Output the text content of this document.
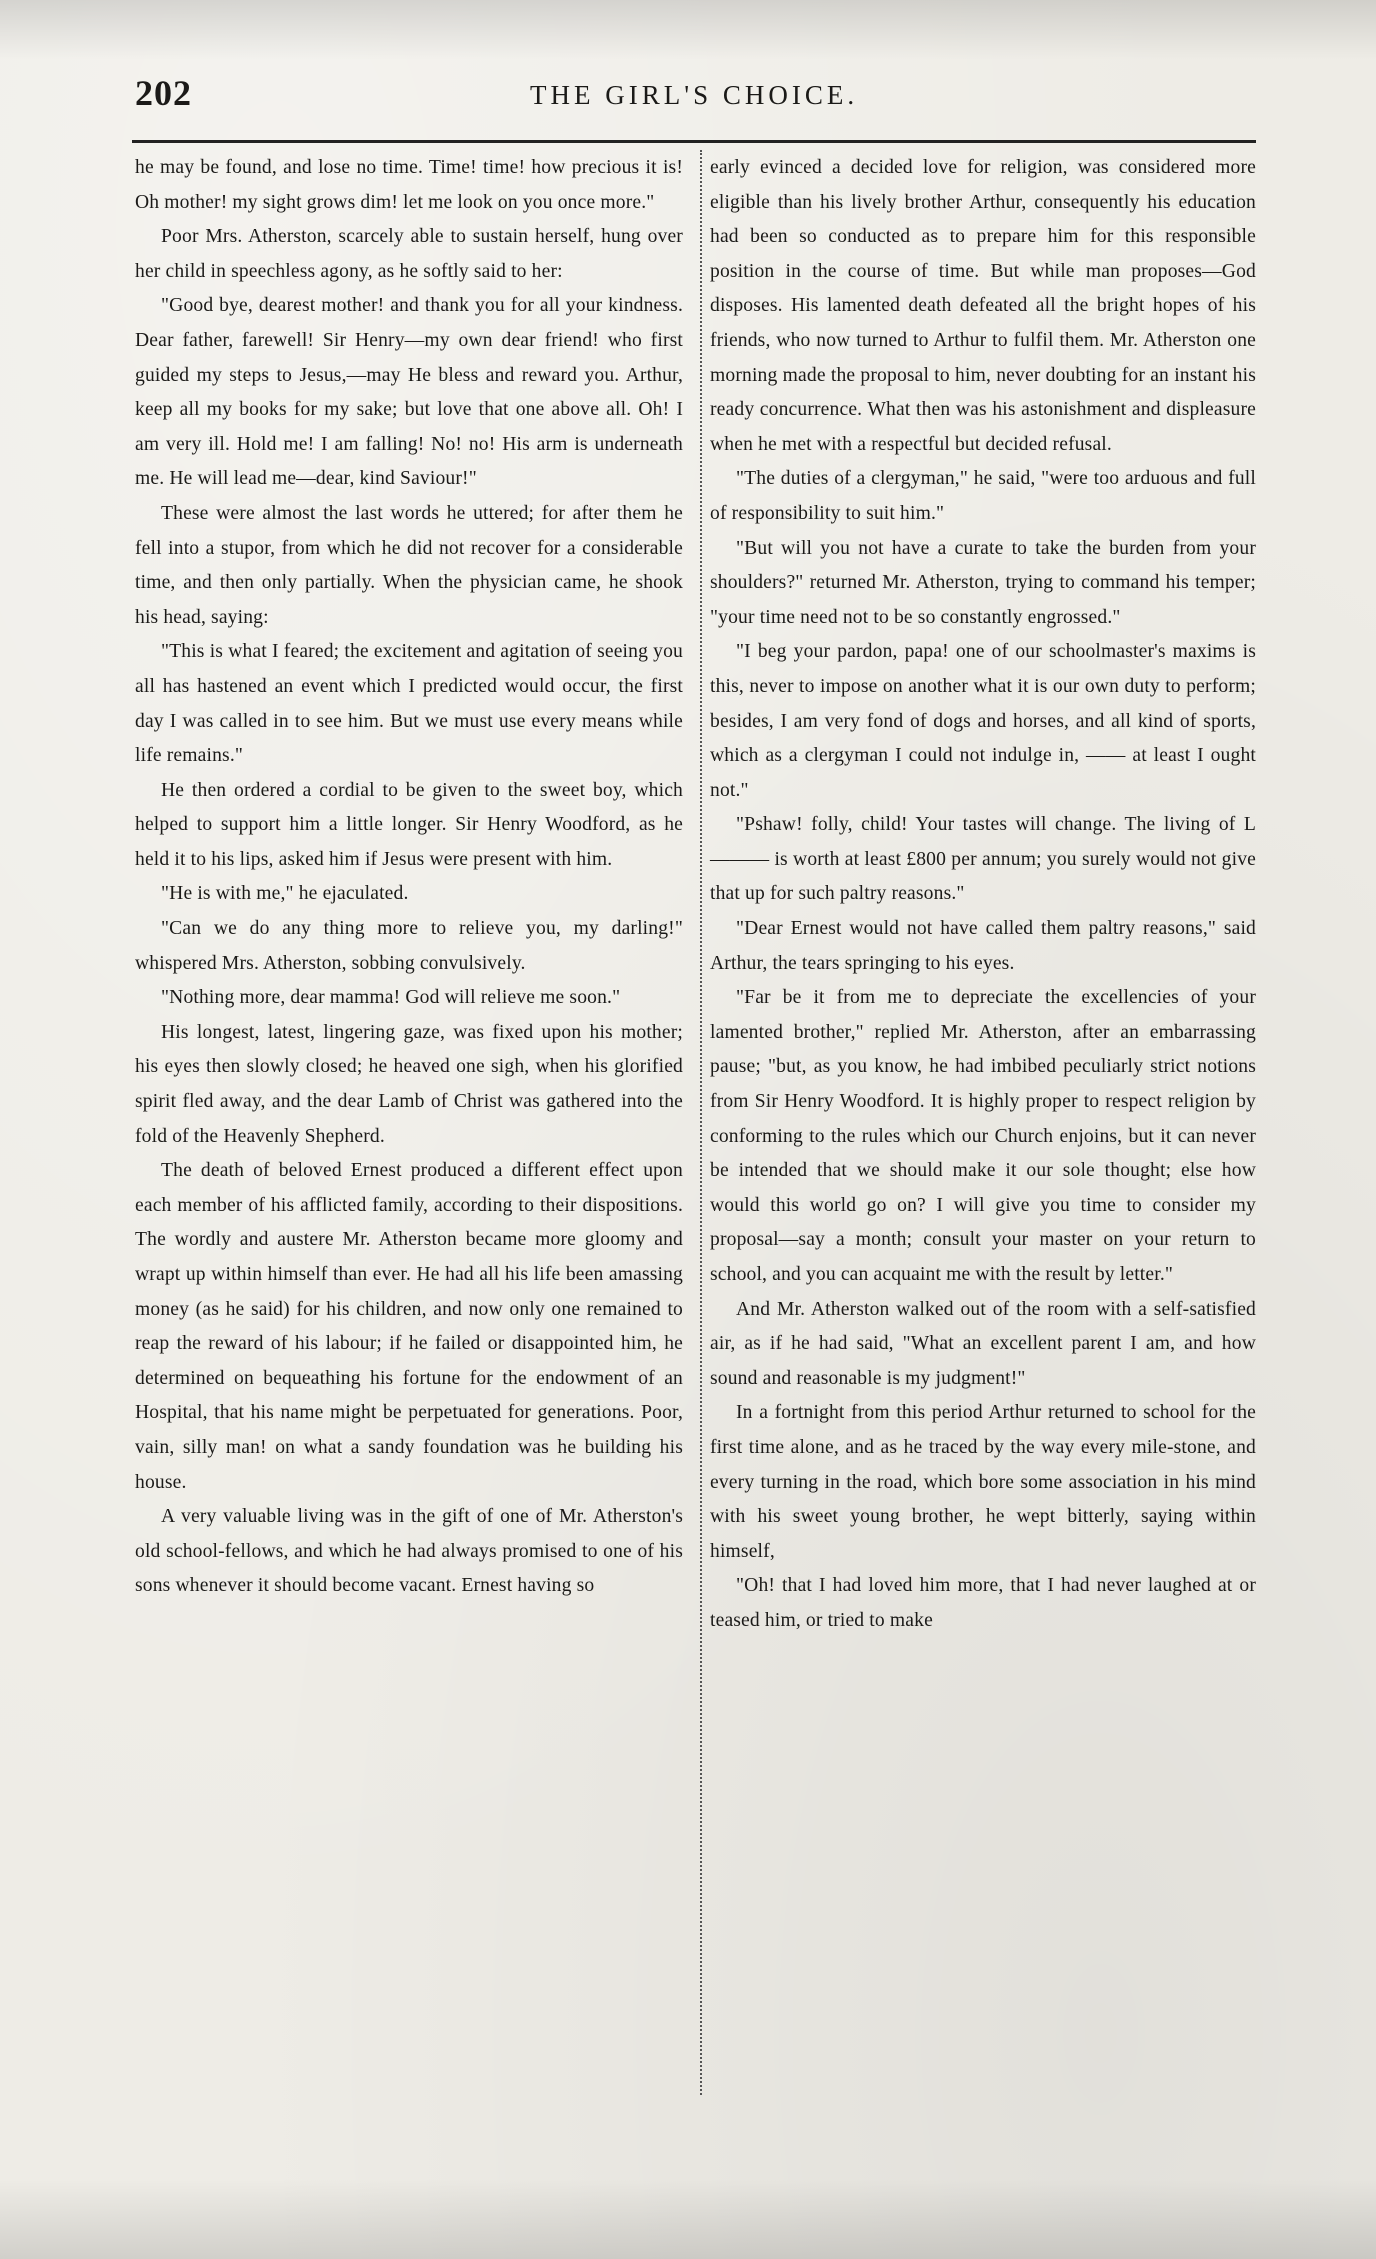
202	THE GIRL'S CHOICE.

he may be found, and lose no time. Time! time! how precious it is! Oh mother! my sight grows dim! let me look on you once more."

Poor Mrs. Atherston, scarcely able to sustain herself, hung over her child in speechless agony, as he softly said to her:

"Good bye, dearest mother! and thank you for all your kindness. Dear father, farewell! Sir Henry—my own dear friend! who first guided my steps to Jesus,—may He bless and reward you. Arthur, keep all my books for my sake; but love that one above all. Oh! I am very ill. Hold me! I am falling! No! no! His arm is underneath me. He will lead me—dear, kind Saviour!"

These were almost the last words he uttered; for after them he fell into a stupor, from which he did not recover for a considerable time, and then only partially. When the physician came, he shook his head, saying:

"This is what I feared; the excitement and agitation of seeing you all has hastened an event which I predicted would occur, the first day I was called in to see him. But we must use every means while life remains."

He then ordered a cordial to be given to the sweet boy, which helped to support him a little longer. Sir Henry Woodford, as he held it to his lips, asked him if Jesus were present with him.

"He is with me," he ejaculated.

"Can we do any thing more to relieve you, my darling!" whispered Mrs. Atherston, sobbing convulsively.

"Nothing more, dear mamma! God will relieve me soon."

His longest, latest, lingering gaze, was fixed upon his mother; his eyes then slowly closed; he heaved one sigh, when his glorified spirit fled away, and the dear Lamb of Christ was gathered into the fold of the Heavenly Shepherd.

The death of beloved Ernest produced a different effect upon each member of his afflicted family, according to their dispositions. The wordly and austere Mr. Atherston became more gloomy and wrapt up within himself than ever. He had all his life been amassing money (as he said) for his children, and now only one remained to reap the reward of his labour; if he failed or disappointed him, he determined on bequeathing his fortune for the endowment of an Hospital, that his name might be perpetuated for generations. Poor, vain, silly man! on what a sandy foundation was he building his house.

A very valuable living was in the gift of one of Mr. Atherston's old school-fellows, and which he had always promised to one of his sons whenever it should become vacant. Ernest having so

early evinced a decided love for religion, was considered more eligible than his lively brother Arthur, consequently his education had been so conducted as to prepare him for this responsible position in the course of time. But while man proposes—God disposes. His lamented death defeated all the bright hopes of his friends, who now turned to Arthur to fulfil them. Mr. Atherston one morning made the proposal to him, never doubting for an instant his ready concurrence. What then was his astonishment and displeasure when he met with a respectful but decided refusal.

"The duties of a clergyman," he said, "were too arduous and full of responsibility to suit him."

"But will you not have a curate to take the burden from your shoulders?" returned Mr. Atherston, trying to command his temper; "your time need not to be so constantly engrossed."

"I beg your pardon, papa! one of our schoolmaster's maxims is this, never to impose on another what it is our own duty to perform; besides, I am very fond of dogs and horses, and all kind of sports, which as a clergyman I could not indulge in, —— at least I ought not."

"Pshaw! folly, child! Your tastes will change. The living of L——— is worth at least £800 per annum; you surely would not give that up for such paltry reasons."

"Dear Ernest would not have called them paltry reasons," said Arthur, the tears springing to his eyes.

"Far be it from me to depreciate the excellencies of your lamented brother," replied Mr. Atherston, after an embarrassing pause; "but, as you know, he had imbibed peculiarly strict notions from Sir Henry Woodford. It is highly proper to respect religion by conforming to the rules which our Church enjoins, but it can never be intended that we should make it our sole thought; else how would this world go on? I will give you time to consider my proposal—say a month; consult your master on your return to school, and you can acquaint me with the result by letter."

And Mr. Atherston walked out of the room with a self-satisfied air, as if he had said, "What an excellent parent I am, and how sound and reasonable is my judgment!"

In a fortnight from this period Arthur returned to school for the first time alone, and as he traced by the way every mile-stone, and every turning in the road, which bore some association in his mind with his sweet young brother, he wept bitterly, saying within himself,

"Oh! that I had loved him more, that I had never laughed at or teased him, or tried to make
